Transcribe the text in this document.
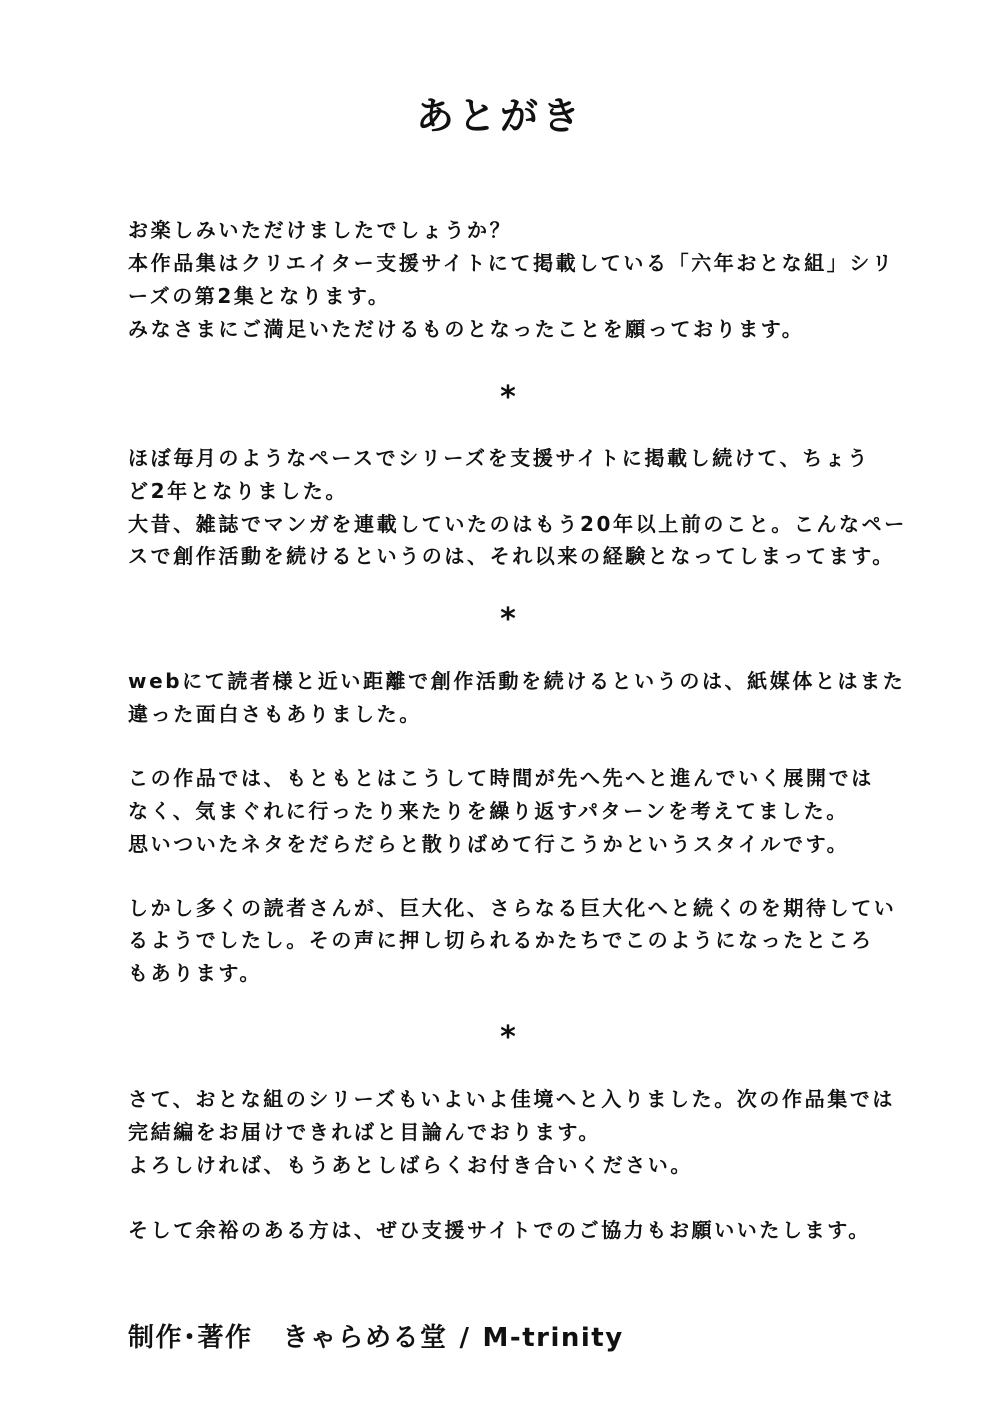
あとがき
お楽しみいただけましたでしょうか？
本作品集はクリエイター支援サイトにて掲載している「六年おとな組」シリ
ーズの第2集となります。
みなさまにご満足いただけるものとなったことを願っております。
*
ほぼ毎月のようなペースでシリーズを支援サイトに掲載し続けて、ちょう
ど2年となりました。
大昔、雑誌でマンガを連載していたのはもう20年以上前のこと。こんなペー
スで創作活動を続けるというのは、それ以来の経験となってしまってます。
*
webにて読者様と近い距離で創作活動を続けるというのは、紙媒体とはまた
違った面白さもありました。
この作品では、もともとはこうして時間が先へ先へと進んでいく展開では
なく、気まぐれに行ったり来たりを繰り返すパターンを考えてました。
思いついたネタをだらだらと散りばめて行こうかというスタイルです。
しかし多くの読者さんが、巨大化、さらなる巨大化へと続くのを期待してい
るようでしたし。その声に押し切られるかたちでこのようになったところ
もあります。
*
さて、おとな組のシリーズもいよいよ佳境へと入りました。次の作品集では
完結編をお届けできればと目論んでおります。
よろしければ、もうあとしばらくお付き合いください。
そして余裕のある方は、ぜひ支援サイトでのご協力もお願いいたします。
制作･著作 きゃらめる堂 / M-trinity
